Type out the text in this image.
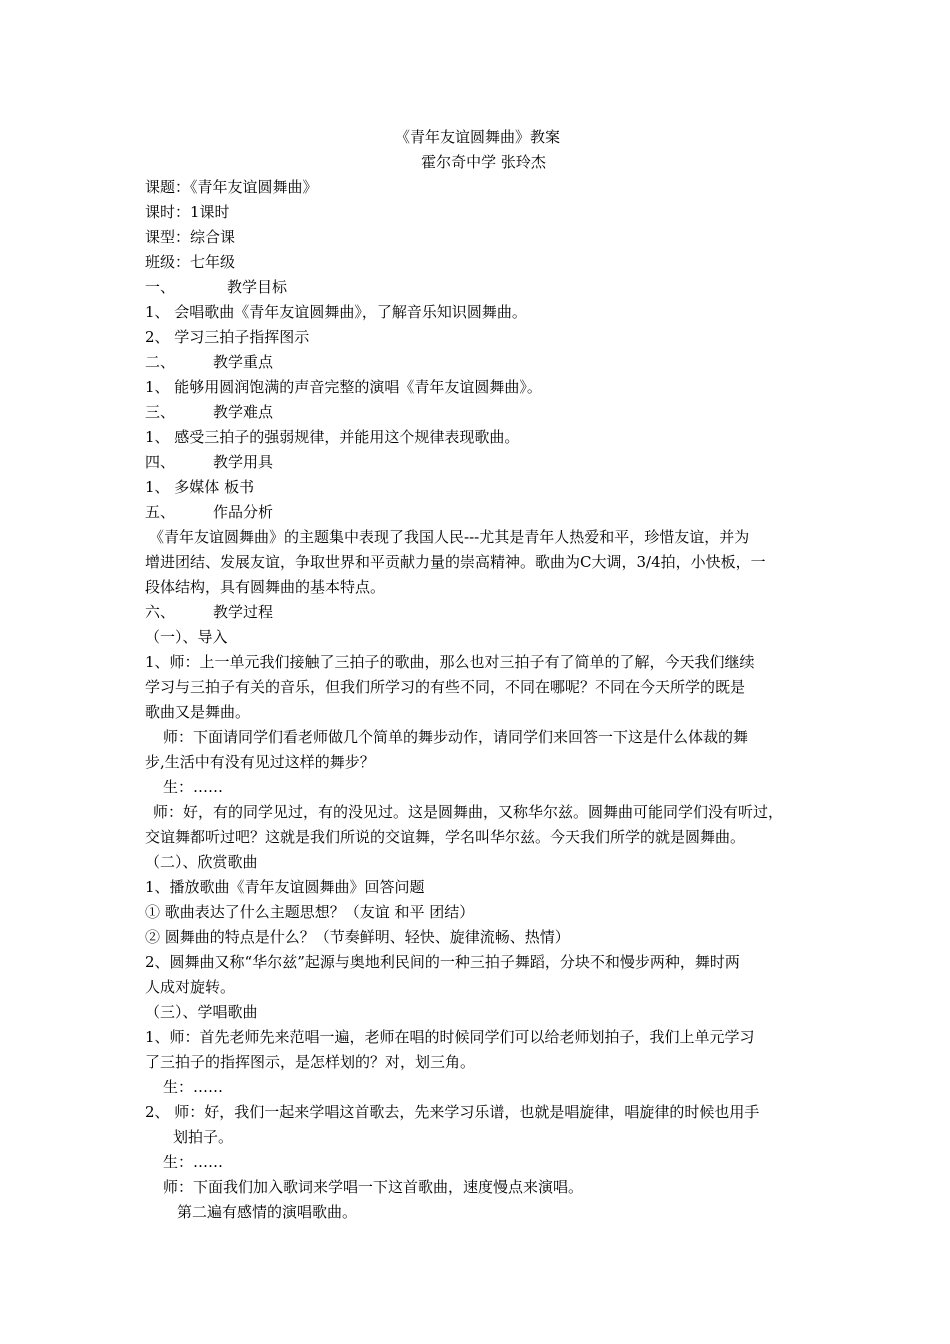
《青年友谊圆舞曲》教案
霍尔奇中学 张玲杰
课题：《青年友谊圆舞曲》
课时：1课时
课型：综合课
班级：七年级
一、	教学目标
1、 会唱歌曲《青年友谊圆舞曲》，了解音乐知识圆舞曲。
2、 学习三拍子指挥图示
二、	教学重点
1、 能够用圆润饱满的声音完整的演唱《青年友谊圆舞曲》。
三、	教学难点
1、 感受三拍子的强弱规律，并能用这个规律表现歌曲。
四、	教学用具
1、 多媒体 板书
五、	作品分析
《青年友谊圆舞曲》的主题集中表现了我国人民---尤其是青年人热爱和平，珍惜友谊，并为
增进团结、发展友谊，争取世界和平贡献力量的崇高精神。歌曲为C大调，3/4拍，小快板，一
段体结构，具有圆舞曲的基本特点。
六、	教学过程
（一）、导入
1、师：上一单元我们接触了三拍子的歌曲，那么也对三拍子有了简单的了解，今天我们继续
学习与三拍子有关的音乐，但我们所学习的有些不同，不同在哪呢？不同在今天所学的既是
歌曲又是舞曲。
师：下面请同学们看老师做几个简单的舞步动作，请同学们来回答一下这是什么体裁的舞
步,生活中有没有见过这样的舞步？
生：……
师：好，有的同学见过，有的没见过。这是圆舞曲，又称华尔兹。圆舞曲可能同学们没有听过，
交谊舞都听过吧？这就是我们所说的交谊舞，学名叫华尔兹。今天我们所学的就是圆舞曲。
（二）、欣赏歌曲
1、播放歌曲《青年友谊圆舞曲》回答问题
① 歌曲表达了什么主题思想？（友谊 和平 团结）
② 圆舞曲的特点是什么？（节奏鲜明、轻快、旋律流畅、热情）
2、圆舞曲又称“华尔兹”起源与奥地利民间的一种三拍子舞蹈，分块不和慢步两种，舞时两
人成对旋转。
（三）、学唱歌曲
1、师：首先老师先来范唱一遍，老师在唱的时候同学们可以给老师划拍子，我们上单元学习
了三拍子的指挥图示，是怎样划的？对，划三角。
生：……
2、 师：好，我们一起来学唱这首歌去，先来学习乐谱，也就是唱旋律，唱旋律的时候也用手
划拍子。
生：……
师：下面我们加入歌词来学唱一下这首歌曲，速度慢点来演唱。
第二遍有感情的演唱歌曲。
